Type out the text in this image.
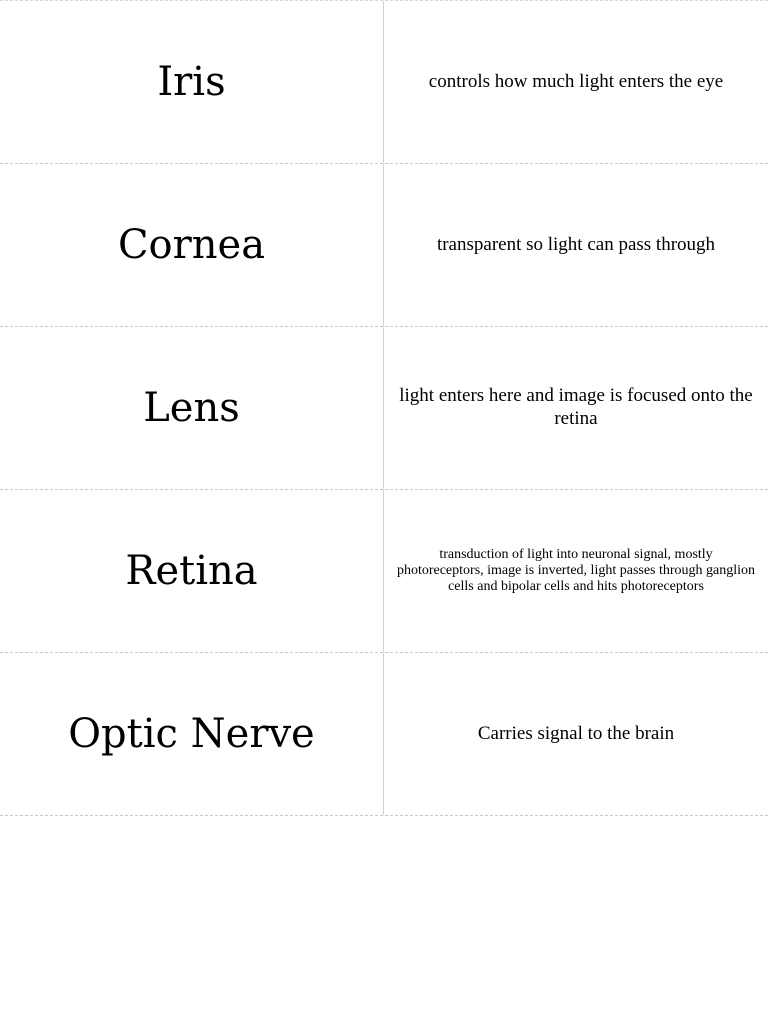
Iris	controls how much light enters the eye
Cornea	transparent so light can pass through
Lens	light enters here and image is focused onto the retina
Retina	transduction of light into neuronal signal, mostly photoreceptors, image is inverted, light passes through ganglion cells and bipolar cells and hits photoreceptors
Optic Nerve	Carries signal to the brain
